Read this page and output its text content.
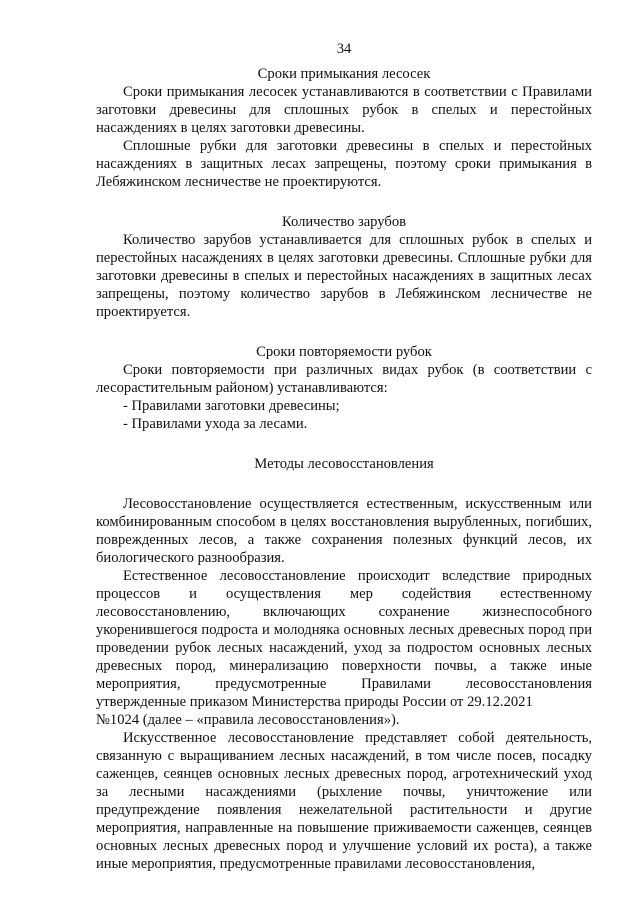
34

Сроки примыкания лесосек

Сроки примыкания лесосек устанавливаются в соответствии с Правилами заготовки древесины для сплошных рубок в спелых и перестойных насаждениях в целях заготовки древесины.

Сплошные рубки для заготовки древесины в спелых и перестойных насаждениях в защитных лесах запрещены, поэтому сроки примыкания в Лебяжинском лесничестве не проектируются.

Количество зарубов

Количество зарубов устанавливается для сплошных рубок в спелых и перестойных насаждениях в целях заготовки древесины. Сплошные рубки для заготовки древесины в спелых и перестойных насаждениях в защитных лесах запрещены, поэтому количество зарубов в Лебяжинском лесничестве не проектируется.

Сроки повторяемости рубок

Сроки повторяемости при различных видах рубок (в соответствии с лесорастительным районом) устанавливаются:

- Правилами заготовки древесины;
- Правилами ухода за лесами.

Методы лесовосстановления

Лесовосстановление осуществляется естественным, искусственным или комбинированным способом в целях восстановления вырубленных, погибших, поврежденных лесов, а также сохранения полезных функций лесов, их биологического разнообразия.

Естественное лесовосстановление происходит вследствие природных процессов и осуществления мер содействия естественному лесовосстановлению, включающих сохранение жизнеспособного укоренившегося подроста и молодняка основных лесных древесных пород при проведении рубок лесных насаждений, уход за подростом основных лесных древесных пород, минерализацию поверхности почвы, а также иные мероприятия, предусмотренные Правилами лесовосстановления утвержденные приказом Министерства природы России от 29.12.2021

№1024 (далее – «правила лесовосстановления»).

Искусственное лесовосстановление представляет собой деятельность, связанную с выращиванием лесных насаждений, в том числе посев, посадку саженцев, сеянцев основных лесных древесных пород, агротехнический уход за лесными насаждениями (рыхление почвы, уничтожение или предупреждение появления нежелательной растительности и другие мероприятия, направленные на повышение приживаемости саженцев, сеянцев основных лесных древесных пород и улучшение условий их роста), а также иные мероприятия, предусмотренные правилами лесовосстановления,
